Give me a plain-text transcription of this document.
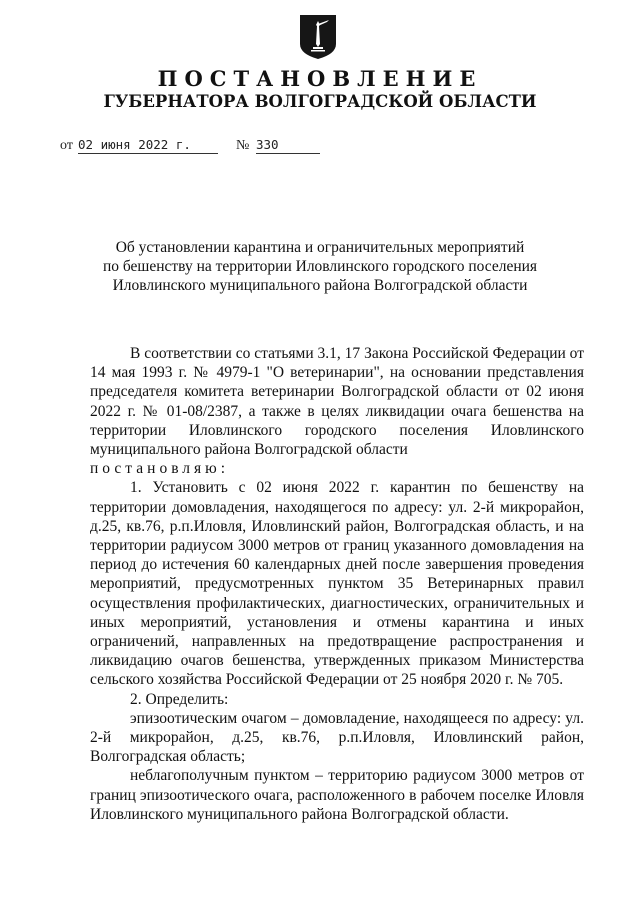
ПОСТАНОВЛЕНИЕ
ГУБЕРНАТОРА ВОЛГОГРАДСКОЙ ОБЛАСТИ
от 02 июня 2022 г.	№ 330
Об установлении карантина и ограничительных мероприятий
по бешенству на территории Иловлинского городского поселения
Иловлинского муниципального района Волгоградской области

В соответствии со статьями 3.1, 17 Закона Российской Федерации от 14 мая 1993 г. № 4979-1 "О ветеринарии", на основании представления председателя комитета ветеринарии Волгоградской области от 02 июня 2022 г. № 01-08/2387, а также в целях ликвидации очага бешенства на территории Иловлинского городского поселения Иловлинского муниципального района Волгоградской области

постановляю:

1. Установить с 02 июня 2022 г. карантин по бешенству на территории домовладения, находящегося по адресу: ул. 2-й микрорайон, д.25, кв.76, р.п.Иловля, Иловлинский район, Волгоградская область, и на территории радиусом 3000 метров от границ указанного домовладения на период до истечения 60 календарных дней после завершения проведения мероприятий, предусмотренных пунктом 35 Ветеринарных правил осуществления профилактических, диагностических, ограничительных и иных мероприятий, установления и отмены карантина и иных ограничений, направленных на предотвращение распространения и ликвидацию очагов бешенства, утвержденных приказом Министерства сельского хозяйства Российской Федерации от 25 ноября 2020 г. № 705.

2. Определить:

эпизоотическим очагом – домовладение, находящееся по адресу: ул. 2-й микрорайон, д.25, кв.76, р.п.Иловля, Иловлинский район, Волгоградская область;

неблагополучным пунктом – территорию радиусом 3000 метров от границ эпизоотического очага, расположенного в рабочем поселке Иловля Иловлинского муниципального района Волгоградской области.
